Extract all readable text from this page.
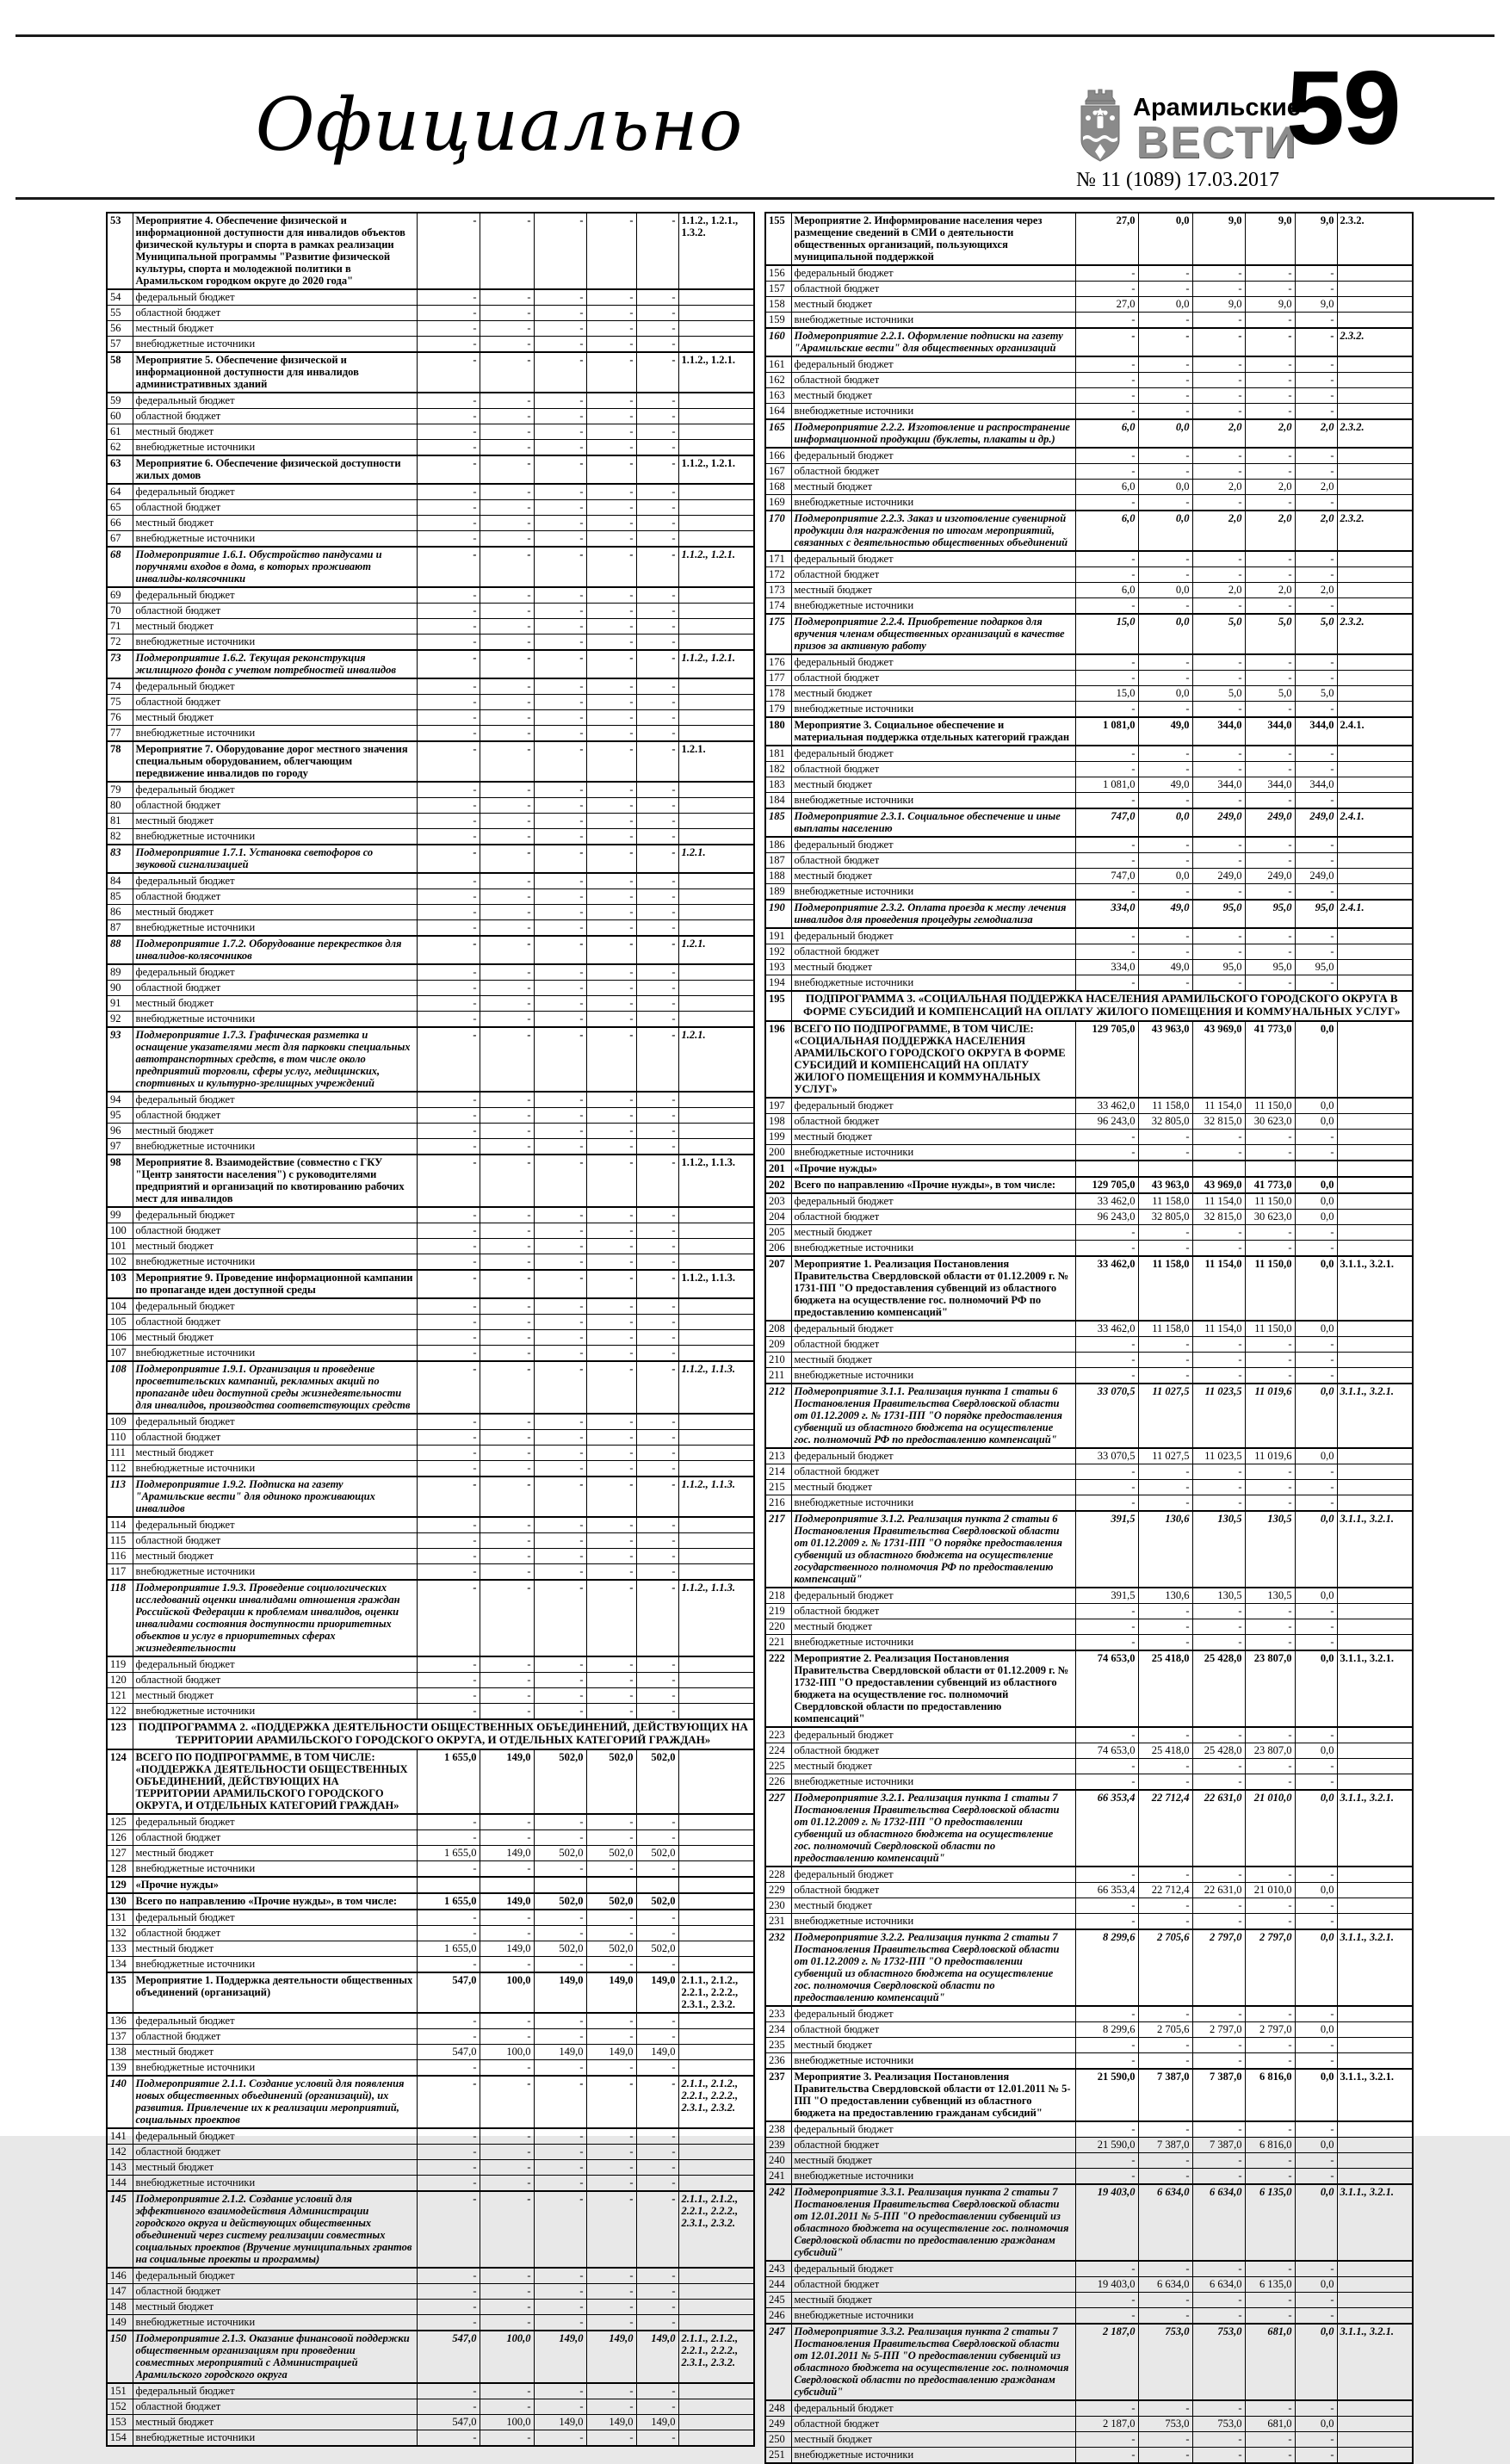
Официально	Арамильские
ВЕСТИ
59
№ 11 (1089) 17.03.2017
53	Мероприятие 4. Обеспечение физической и информационной доступности для инвалидов объектов физической культуры и спорта в рамках реализации Муниципальной программы "Развитие физической культуры, спорта и молодежной политики в Арамильском городком округе до 2020 года"	-	-	-	-	-	1.1.2., 1.2.1., 1.3.2.
54	федеральный бюджет	-	-	-	-	-	
55	областной бюджет	-	-	-	-	-	
56	местный бюджет	-	-	-	-	-	
57	внебюджетные источники	-	-	-	-	-	
58	Мероприятие 5. Обеспечение физической и информационной доступности для инвалидов административных зданий	-	-	-	-	-	1.1.2., 1.2.1.
59	федеральный бюджет	-	-	-	-	-	
60	областной бюджет	-	-	-	-	-	
61	местный бюджет	-	-	-	-	-	
62	внебюджетные источники	-	-	-	-	-	
63	Мероприятие 6. Обеспечение физической доступности жилых домов	-	-	-	-	-	1.1.2., 1.2.1.
64	федеральный бюджет	-	-	-	-	-	
65	областной бюджет	-	-	-	-	-	
66	местный бюджет	-	-	-	-	-	
67	внебюджетные источники	-	-	-	-	-	
68	Подмероприятие 1.6.1. Обустройство пандусами и поручнями входов в дома, в которых проживают инвалиды-колясочники	-	-	-	-	-	1.1.2., 1.2.1.
69	федеральный бюджет	-	-	-	-	-	
70	областной бюджет	-	-	-	-	-	
71	местный бюджет	-	-	-	-	-	
72	внебюджетные источники	-	-	-	-	-	
73	Подмероприятие 1.6.2. Текущая реконструкция жилищного фонда с учетом потребностей инвалидов	-	-	-	-	-	1.1.2., 1.2.1.
74	федеральный бюджет	-	-	-	-	-	
75	областной бюджет	-	-	-	-	-	
76	местный бюджет	-	-	-	-	-	
77	внебюджетные источники	-	-	-	-	-	
78	Мероприятие 7. Оборудование дорог местного значения специальным оборудованием, облегчающим передвижение инвалидов по городу	-	-	-	-	-	1.2.1.
79	федеральный бюджет	-	-	-	-	-	
80	областной бюджет	-	-	-	-	-	
81	местный бюджет	-	-	-	-	-	
82	внебюджетные источники	-	-	-	-	-	
83	Подмероприятие 1.7.1. Установка светофоров со звуковой сигнализацией	-	-	-	-	-	1.2.1.
84	федеральный бюджет	-	-	-	-	-	
85	областной бюджет	-	-	-	-	-	
86	местный бюджет	-	-	-	-	-	
87	внебюджетные источники	-	-	-	-	-	
88	Подмероприятие 1.7.2. Оборудование перекрестков для инвалидов-колясочников	-	-	-	-	-	1.2.1.
89	федеральный бюджет	-	-	-	-	-	
90	областной бюджет	-	-	-	-	-	
91	местный бюджет	-	-	-	-	-	
92	внебюджетные источники	-	-	-	-	-	
93	Подмероприятие 1.7.3. Графическая разметка и оснащение указателями мест для парковки специальных автотранспортных средств, в том числе около предприятий торговли, сферы услуг, медицинских, спортивных и культурно-зрелищных учреждений	-	-	-	-	-	1.2.1.
94	федеральный бюджет	-	-	-	-	-	
95	областной бюджет	-	-	-	-	-	
96	местный бюджет	-	-	-	-	-	
97	внебюджетные источники	-	-	-	-	-	
98	Мероприятие 8. Взаимодействие (совместно с ГКУ "Центр занятости населения") с руководителями предприятий и организаций по квотированию рабочих мест для инвалидов	-	-	-	-	-	1.1.2., 1.1.3.
99	федеральный бюджет	-	-	-	-	-	
100	областной бюджет	-	-	-	-	-	
101	местный бюджет	-	-	-	-	-	
102	внебюджетные источники	-	-	-	-	-	
103	Мероприятие 9. Проведение информационной кампании по пропаганде идеи доступной среды	-	-	-	-	-	1.1.2., 1.1.3.
104	федеральный бюджет	-	-	-	-	-	
105	областной бюджет	-	-	-	-	-	
106	местный бюджет	-	-	-	-	-	
107	внебюджетные источники	-	-	-	-	-	
108	Подмероприятие 1.9.1. Организация и проведение просветительских кампаний, рекламных акций по пропаганде идеи доступной среды жизнедеятельности для инвалидов, производства соответствующих средств	-	-	-	-	-	1.1.2., 1.1.3.
109	федеральный бюджет	-	-	-	-	-	
110	областной бюджет	-	-	-	-	-	
111	местный бюджет	-	-	-	-	-	
112	внебюджетные источники	-	-	-	-	-	
113	Подмероприятие 1.9.2. Подписка на газету "Арамильские вести" для одиноко проживающих инвалидов	-	-	-	-	-	1.1.2., 1.1.3.
114	федеральный бюджет	-	-	-	-	-	
115	областной бюджет	-	-	-	-	-	
116	местный бюджет	-	-	-	-	-	
117	внебюджетные источники	-	-	-	-	-	
118	Подмероприятие 1.9.3. Проведение социологических исследований оценки инвалидами отношения граждан Российской Федерации к проблемам инвалидов, оценки инвалидами состояния доступности приоритетных объектов и услуг в приоритетных сферах жизнедеятельности	-	-	-	-	-	1.1.2., 1.1.3.
119	федеральный бюджет	-	-	-	-	-	
120	областной бюджет	-	-	-	-	-	
121	местный бюджет	-	-	-	-	-	
122	внебюджетные источники	-	-	-	-	-	
123	ПОДПРОГРАММА 2. «ПОДДЕРЖКА ДЕЯТЕЛЬНОСТИ ОБЩЕСТВЕННЫХ ОБЪЕДИНЕНИЙ, ДЕЙСТВУЮЩИХ НА ТЕРРИТОРИИ АРАМИЛЬСКОГО ГОРОДСКОГО ОКРУГА, И ОТДЕЛЬНЫХ КАТЕГОРИЙ ГРАЖДАН»						
124	ВСЕГО ПО ПОДПРОГРАММЕ, В ТОМ ЧИСЛЕ: «ПОДДЕРЖКА ДЕЯТЕЛЬНОСТИ ОБЩЕСТВЕННЫХ ОБЪЕДИНЕНИЙ, ДЕЙСТВУЮЩИХ НА ТЕРРИТОРИИ АРАМИЛЬСКОГО ГОРОДСКОГО ОКРУГА, И ОТДЕЛЬНЫХ КАТЕГОРИЙ ГРАЖДАН»	1 655,0	149,0	502,0	502,0	502,0	
125	федеральный бюджет	-	-	-	-	-	
126	областной бюджет	-	-	-	-	-	
127	местный бюджет	1 655,0	149,0	502,0	502,0	502,0	
128	внебюджетные источники	-	-	-	-	-	
129	«Прочие нужды»						
130	Всего по направлению «Прочие нужды», в том числе:	1 655,0	149,0	502,0	502,0	502,0	
131	федеральный бюджет	-	-	-	-	-	
132	областной бюджет	-	-	-	-	-	
133	местный бюджет	1 655,0	149,0	502,0	502,0	502,0	
134	внебюджетные источники	-	-	-	-	-	
135	Мероприятие 1. Поддержка деятельности общественных объединений (организаций)	547,0	100,0	149,0	149,0	149,0	2.1.1., 2.1.2., 2.2.1., 2.2.2., 2.3.1., 2.3.2.
136	федеральный бюджет	-	-	-	-	-	
137	областной бюджет	-	-	-	-	-	
138	местный бюджет	547,0	100,0	149,0	149,0	149,0	
139	внебюджетные источники	-	-	-	-	-	
140	Подмероприятие 2.1.1. Создание условий для появления новых общественных объединений (организаций), их развития. Привлечение их к реализации мероприятий, социальных проектов	-	-	-	-	-	2.1.1., 2.1.2., 2.2.1., 2.2.2., 2.3.1., 2.3.2.
141	федеральный бюджет	-	-	-	-	-	
142	областной бюджет	-	-	-	-	-	
143	местный бюджет	-	-	-	-	-	
144	внебюджетные источники	-	-	-	-	-	
145	Подмероприятие 2.1.2. Создание условий для эффективного взаимодействия Администрации городского округа и действующих общественных объединений через систему реализации совместных социальных проектов (Вручение муниципальных грантов на социальные проекты и программы)	-	-	-	-	-	2.1.1., 2.1.2., 2.2.1., 2.2.2., 2.3.1., 2.3.2.
146	федеральный бюджет	-	-	-	-	-	
147	областной бюджет	-	-	-	-	-	
148	местный бюджет	-	-	-	-	-	
149	внебюджетные источники	-	-	-	-	-	
150	Подмероприятие 2.1.3. Оказание финансовой поддержки общественным организациям при проведении совместных мероприятий с Администрацией Арамильского городского округа	547,0	100,0	149,0	149,0	149,0	2.1.1., 2.1.2., 2.2.1., 2.2.2., 2.3.1., 2.3.2.
151	федеральный бюджет	-	-	-	-	-	
152	областной бюджет	-	-	-	-	-	
153	местный бюджет	547,0	100,0	149,0	149,0	149,0	
154	внебюджетные источники	-	-	-	-	-	
155	Мероприятие 2. Информирование населения через размещение сведений в СМИ о деятельности общественных организаций, пользующихся муниципальной поддержкой	27,0	0,0	9,0	9,0	9,0	2.3.2.
156	федеральный бюджет	-	-	-	-	-	
157	областной бюджет	-	-	-	-	-	
158	местный бюджет	27,0	0,0	9,0	9,0	9,0	
159	внебюджетные источники	-	-	-	-	-	
160	Подмероприятие 2.2.1. Оформление подписки на газету "Арамильские вести" для общественных организаций	-	-	-	-	-	2.3.2.
161	федеральный бюджет	-	-	-	-	-	
162	областной бюджет	-	-	-	-	-	
163	местный бюджет	-	-	-	-	-	
164	внебюджетные источники	-	-	-	-	-	
165	Подмероприятие 2.2.2. Изготовление и распространение информационной продукции (буклеты, плакаты и др.)	6,0	0,0	2,0	2,0	2,0	2.3.2.
166	федеральный бюджет	-	-	-	-	-	
167	областной бюджет	-	-	-	-	-	
168	местный бюджет	6,0	0,0	2,0	2,0	2,0	
169	внебюджетные источники	-	-	-	-	-	
170	Подмероприятие 2.2.3. Заказ и изготовление сувенирной продукции для награждения по итогам мероприятий, связанных с деятельностью общественных объединений	6,0	0,0	2,0	2,0	2,0	2.3.2.
171	федеральный бюджет	-	-	-	-	-	
172	областной бюджет	-	-	-	-	-	
173	местный бюджет	6,0	0,0	2,0	2,0	2,0	
174	внебюджетные источники	-	-	-	-	-	
175	Подмероприятие 2.2.4. Приобретение подарков для вручения членам общественных организаций в качестве призов за активную работу	15,0	0,0	5,0	5,0	5,0	2.3.2.
176	федеральный бюджет	-	-	-	-	-	
177	областной бюджет	-	-	-	-	-	
178	местный бюджет	15,0	0,0	5,0	5,0	5,0	
179	внебюджетные источники	-	-	-	-	-	
180	Мероприятие 3. Социальное обеспечение и материальная поддержка отдельных категорий граждан	1 081,0	49,0	344,0	344,0	344,0	2.4.1.
181	федеральный бюджет	-	-	-	-	-	
182	областной бюджет	-	-	-	-	-	
183	местный бюджет	1 081,0	49,0	344,0	344,0	344,0	
184	внебюджетные источники	-	-	-	-	-	
185	Подмероприятие 2.3.1. Социальное обеспечение и иные выплаты населению	747,0	0,0	249,0	249,0	249,0	2.4.1.
186	федеральный бюджет	-	-	-	-	-	
187	областной бюджет	-	-	-	-	-	
188	местный бюджет	747,0	0,0	249,0	249,0	249,0	
189	внебюджетные источники	-	-	-	-	-	
190	Подмероприятие 2.3.2. Оплата проезда к месту лечения инвалидов для проведения процедуры гемодиализа	334,0	49,0	95,0	95,0	95,0	2.4.1.
191	федеральный бюджет	-	-	-	-	-	
192	областной бюджет	-	-	-	-	-	
193	местный бюджет	334,0	49,0	95,0	95,0	95,0	
194	внебюджетные источники	-	-	-	-	-	
195	ПОДПРОГРАММА 3. «СОЦИАЛЬНАЯ ПОДДЕРЖКА НАСЕЛЕНИЯ АРАМИЛЬСКОГО ГОРОДСКОГО ОКРУГА В ФОРМЕ СУБСИДИЙ И КОМПЕНСАЦИЙ НА ОПЛАТУ ЖИЛОГО ПОМЕЩЕНИЯ И КОММУНАЛЬНЫХ УСЛУГ»						
196	ВСЕГО ПО ПОДПРОГРАММЕ, В ТОМ ЧИСЛЕ: «СОЦИАЛЬНАЯ ПОДДЕРЖКА НАСЕЛЕНИЯ АРАМИЛЬСКОГО ГОРОДСКОГО ОКРУГА В ФОРМЕ СУБСИДИЙ И КОМПЕНСАЦИЙ НА ОПЛАТУ ЖИЛОГО ПОМЕЩЕНИЯ И КОММУНАЛЬНЫХ УСЛУГ»	129 705,0	43 963,0	43 969,0	41 773,0	0,0	
197	федеральный бюджет	33 462,0	11 158,0	11 154,0	11 150,0	0,0	
198	областной бюджет	96 243,0	32 805,0	32 815,0	30 623,0	0,0	
199	местный бюджет	-	-	-	-	-	
200	внебюджетные источники	-	-	-	-	-	
201	«Прочие нужды»						
202	Всего по направлению «Прочие нужды», в том числе:	129 705,0	43 963,0	43 969,0	41 773,0	0,0	
203	федеральный бюджет	33 462,0	11 158,0	11 154,0	11 150,0	0,0	
204	областной бюджет	96 243,0	32 805,0	32 815,0	30 623,0	0,0	
205	местный бюджет	-	-	-	-	-	
206	внебюджетные источники	-	-	-	-	-	
207	Мероприятие 1. Реализация Постановления Правительства Свердловской области от 01.12.2009 г. № 1731-ПП "О предоставления субвенций из областного бюджета на осуществление гос. полномочий РФ по предоставлению компенсаций"	33 462,0	11 158,0	11 154,0	11 150,0	0,0	3.1.1., 3.2.1.
208	федеральный бюджет	33 462,0	11 158,0	11 154,0	11 150,0	0,0	
209	областной бюджет	-	-	-	-	-	
210	местный бюджет	-	-	-	-	-	
211	внебюджетные источники	-	-	-	-	-	
212	Подмероприятие 3.1.1. Реализация пункта 1 статьи 6 Постановления Правительства Свердловской области от 01.12.2009 г. № 1731-ПП "О порядке предоставления субвенций из областного бюджета на осуществление гос. полномочий РФ по предоставлению компенсаций"	33 070,5	11 027,5	11 023,5	11 019,6	0,0	3.1.1., 3.2.1.
213	федеральный бюджет	33 070,5	11 027,5	11 023,5	11 019,6	0,0	
214	областной бюджет	-	-	-	-	-	
215	местный бюджет	-	-	-	-	-	
216	внебюджетные источники	-	-	-	-	-	
217	Подмероприятие 3.1.2. Реализация пункта 2 статьи 6 Постановления Правительства Свердловской области от 01.12.2009 г. № 1731-ПП "О порядке предоставления субвенций из областного бюджета на осуществление государственного полномочия РФ по предоставлению компенсаций"	391,5	130,6	130,5	130,5	0,0	3.1.1., 3.2.1.
218	федеральный бюджет	391,5	130,6	130,5	130,5	0,0	
219	областной бюджет	-	-	-	-	-	
220	местный бюджет	-	-	-	-	-	
221	внебюджетные источники	-	-	-	-	-	
222	Мероприятие 2. Реализация Постановления Правительства Свердловской области от 01.12.2009 г. № 1732-ПП "О предоставлении субвенций из областного бюджета на осуществление гос. полномочий Свердловской области по предоставлению компенсаций"	74 653,0	25 418,0	25 428,0	23 807,0	0,0	3.1.1., 3.2.1.
223	федеральный бюджет	-	-	-	-	-	
224	областной бюджет	74 653,0	25 418,0	25 428,0	23 807,0	0,0	
225	местный бюджет	-	-	-	-	-	
226	внебюджетные источники	-	-	-	-	-	
227	Подмероприятие 3.2.1. Реализация пункта 1 статьи 7 Постановления Правительства Свердловской области от 01.12.2009 г. № 1732-ПП "О предоставлении субвенций из областного бюджета на осуществление гос. полномочий Свердловской области по предоставлению компенсаций"	66 353,4	22 712,4	22 631,0	21 010,0	0,0	3.1.1., 3.2.1.
228	федеральный бюджет	-	-	-	-	-	
229	областной бюджет	66 353,4	22 712,4	22 631,0	21 010,0	0,0	
230	местный бюджет	-	-	-	-	-	
231	внебюджетные источники	-	-	-	-	-	
232	Подмероприятие 3.2.2. Реализация пункта 2 статьи 7 Постановления Правительства Свердловской области от 01.12.2009 г. № 1732-ПП "О предоставлении субвенций из областного бюджета на осуществление гос. полномочия Свердловской области по предоставлению компенсаций"	8 299,6	2 705,6	2 797,0	2 797,0	0,0	3.1.1., 3.2.1.
233	федеральный бюджет	-	-	-	-	-	
234	областной бюджет	8 299,6	2 705,6	2 797,0	2 797,0	0,0	
235	местный бюджет	-	-	-	-	-	
236	внебюджетные источники	-	-	-	-	-	
237	Мероприятие 3. Реализация Постановления Правительства Свердловской области от 12.01.2011 № 5-ПП "О предоставлении субвенций из областного бюджета на предоставлению гражданам субсидий"	21 590,0	7 387,0	7 387,0	6 816,0	0,0	3.1.1., 3.2.1.
238	федеральный бюджет	-	-	-	-	-	
239	областной бюджет	21 590,0	7 387,0	7 387,0	6 816,0	0,0	
240	местный бюджет	-	-	-	-	-	
241	внебюджетные источники	-	-	-	-	-	
242	Подмероприятие 3.3.1. Реализация пункта 2 статьи 7 Постановления Правительства Свердловской области от 12.01.2011 № 5-ПП "О предоставлении субвенций из областного бюджета на осуществление гос. полномочия Свердловской области по предоставлению гражданам субсидий"	19 403,0	6 634,0	6 634,0	6 135,0	0,0	3.1.1., 3.2.1.
243	федеральный бюджет	-	-	-	-	-	
244	областной бюджет	19 403,0	6 634,0	6 634,0	6 135,0	0,0	
245	местный бюджет	-	-	-	-	-	
246	внебюджетные источники	-	-	-	-	-	
247	Подмероприятие 3.3.2. Реализация пункта 2 статьи 7 Постановления Правительства Свердловской области от 12.01.2011 № 5-ПП "О предоставлении субвенций из областного бюджета на осуществление гос. полномочия Свердловской области по предоставлению гражданам субсидий"	2 187,0	753,0	753,0	681,0	0,0	3.1.1., 3.2.1.
248	федеральный бюджет	-	-	-	-	-	
249	областной бюджет	2 187,0	753,0	753,0	681,0	0,0	
250	местный бюджет	-	-	-	-	-	
251	внебюджетные источники	-	-	-	-	-	
